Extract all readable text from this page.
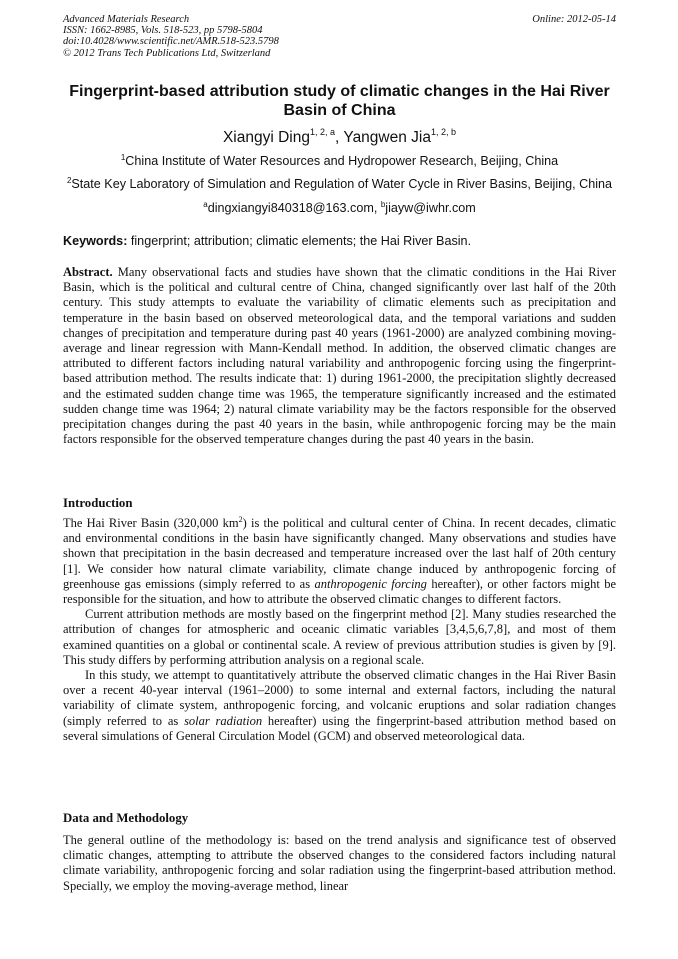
Advanced Materials Research
ISSN: 1662-8985, Vols. 518-523, pp 5798-5804
doi:10.4028/www.scientific.net/AMR.518-523.5798
© 2012 Trans Tech Publications Ltd, Switzerland
Online: 2012-05-14
Fingerprint-based attribution study of climatic changes in the Hai River Basin of China
Xiangyi Ding$^{1, 2, a}$, Yangwen Jia$^{1, 2, b}$
$^1$China Institute of Water Resources and Hydropower Research, Beijing, China
$^2$State Key Laboratory of Simulation and Regulation of Water Cycle in River Basins, Beijing, China
$^a$dingxiangyi840318@163.com, $^b$jiayw@iwhr.com
Keywords: fingerprint; attribution; climatic elements; the Hai River Basin.
Abstract. Many observational facts and studies have shown that the climatic conditions in the Hai River Basin, which is the political and cultural centre of China, changed significantly over last half of the 20th century. This study attempts to evaluate the variability of climatic elements such as precipitation and temperature in the basin based on observed meteorological data, and the temporal variations and sudden changes of precipitation and temperature during past 40 years (1961-2000) are analyzed combining moving-average and linear regression with Mann-Kendall method. In addition, the observed climatic changes are attributed to different factors including natural variability and anthropogenic forcing using the fingerprint-based attribution method. The results indicate that: 1) during 1961-2000, the precipitation slightly decreased and the estimated sudden change time was 1965, the temperature significantly increased and the estimated sudden change time was 1964; 2) natural climate variability may be the factors responsible for the observed precipitation changes during the past 40 years in the basin, while anthropogenic forcing may be the main factors responsible for the observed temperature changes during the past 40 years in the basin.
Introduction

The Hai River Basin (320,000 $km^2$) is the political and cultural center of China. In recent decades, climatic and environmental conditions in the basin have significantly changed. Many observations and studies have shown that precipitation in the basin decreased and temperature increased over the last half of 20th century [1]. We consider how natural climate variability, climate change induced by anthropogenic forcing of greenhouse gas emissions (simply referred to as anthropogenic forcing hereafter), or other factors might be responsible for the situation, and how to attribute the observed climatic changes to different factors.

Current attribution methods are mostly based on the fingerprint method [2]. Many studies researched the attribution of changes for atmospheric and oceanic climatic variables [3,4,5,6,7,8], and most of them examined quantities on a global or continental scale. A review of previous attribution studies is given by [9]. This study differs by performing attribution analysis on a regional scale.

In this study, we attempt to quantitatively attribute the observed climatic changes in the Hai River Basin over a recent 40-year interval (1961–2000) to some internal and external factors, including the natural variability of climate system, anthropogenic forcing, and volcanic eruptions and solar radiation changes (simply referred to as solar radiation hereafter) using the fingerprint-based attribution method based on several simulations of General Circulation Model (GCM) and observed meteorological data.

Data and Methodology

The general outline of the methodology is: based on the trend analysis and significance test of observed climatic changes, attempting to attribute the observed changes to the considered factors including natural climate variability, anthropogenic forcing and solar radiation using the fingerprint-based attribution method. Specially, we employ the moving-average method, linear
